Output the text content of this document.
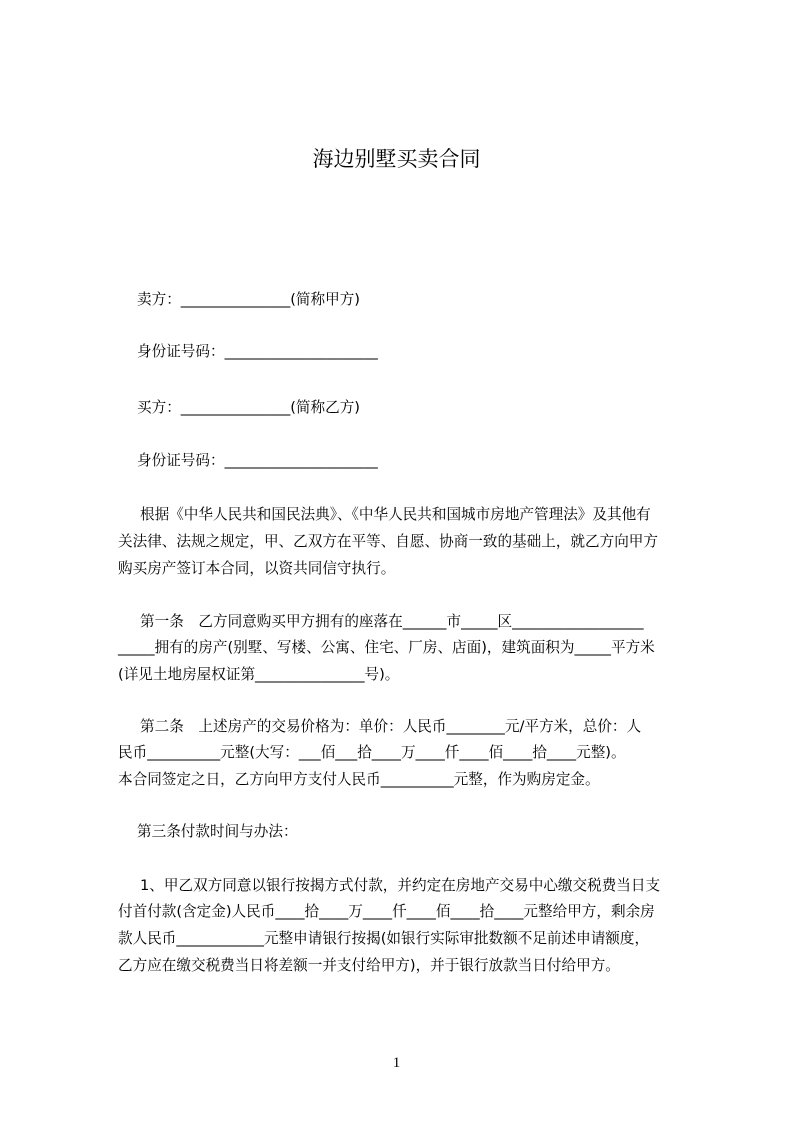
海边别墅买卖合同
卖方：_______________(简称甲方)
身份证号码：_____________________
买方：_______________(简称乙方)
身份证号码：_____________________
根据《中华人民共和国民法典》、《中华人民共和国城市房地产管理法》及其他有
关法律、法规之规定，甲、乙双方在平等、自愿、协商一致的基础上，就乙方向甲方
购买房产签订本合同，以资共同信守执行。
第一条　乙方同意购买甲方拥有的座落在______市_____区__________________
_____拥有的房产(别墅、写楼、公寓、住宅、厂房、店面)，建筑面积为_____平方米
(详见土地房屋权证第_______________号)。
第二条　上述房产的交易价格为：单价：人民币________元/平方米，总价：人
民币__________元整(大写：___佰___拾____万____仟____佰____拾____元整)。
本合同签定之日，乙方向甲方支付人民币__________元整，作为购房定金。
第三条付款时间与办法：
1、甲乙双方同意以银行按揭方式付款，并约定在房地产交易中心缴交税费当日支
付首付款(含定金)人民币____拾____万____仟____佰____拾____元整给甲方，剩余房
款人民币____________元整申请银行按揭(如银行实际审批数额不足前述申请额度，
乙方应在缴交税费当日将差额一并支付给甲方)，并于银行放款当日付给甲方。
1
